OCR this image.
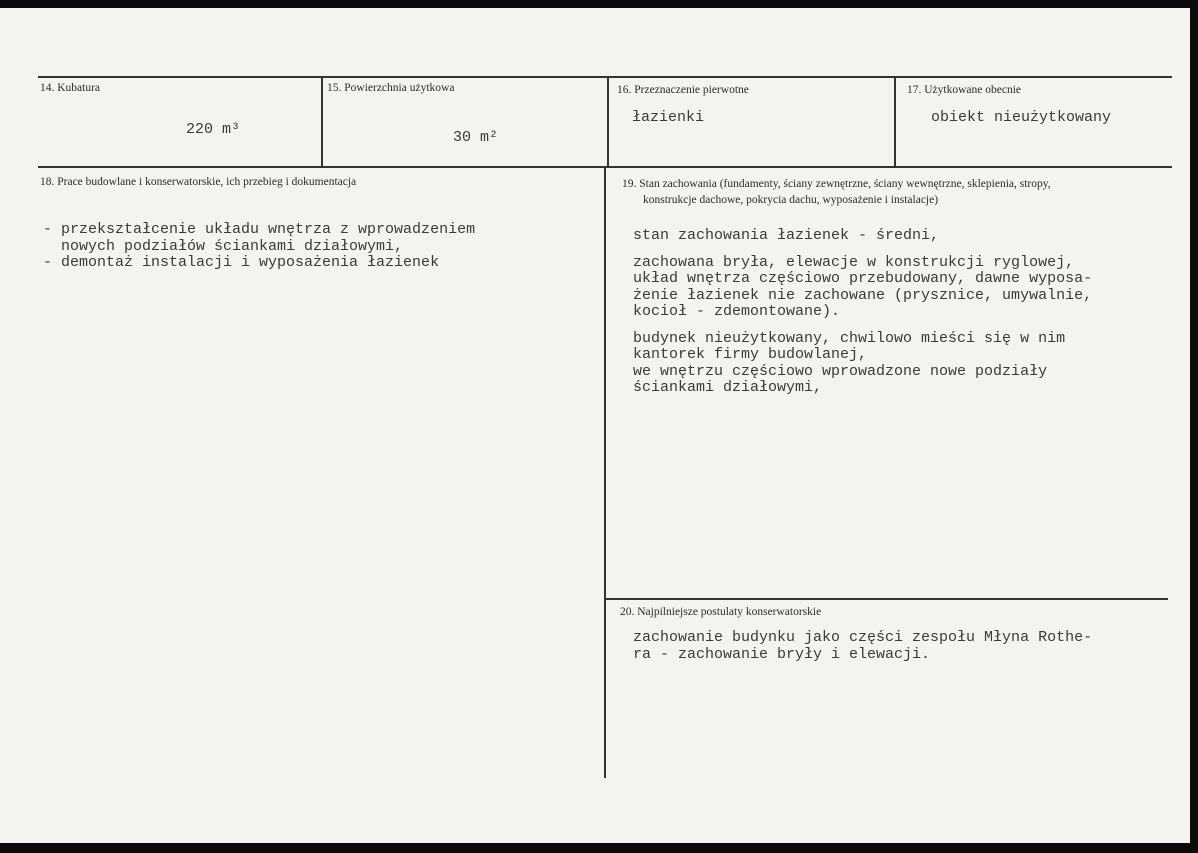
14. Kubatura
220 m³
15. Powierzchnia użytkowa
30 m²
16. Przeznaczenie pierwotne
łazienki
17. Użytkowane obecnie
obiekt nieużytkowany
18. Prace budowlane i konserwatorskie, ich przebieg i dokumentacja
- przekształcenie układu wnętrza z wprowadzeniem
nowych podziałów ściankami działowymi,
- demontaż instalacji i wyposażenia łazienek
19. Stan zachowania (fundamenty, ściany zewnętrzne, ściany wewnętrzne, sklepienia, stropy,
konstrukcje dachowe, pokrycia dachu, wyposażenie i instalacje)
stan zachowania łazienek - średni,
zachowana bryła, elewacje w konstrukcji ryglowej,
układ wnętrza częściowo przebudowany, dawne wyposa-
żenie łazienek nie zachowane (prysznice, umywalnie,
kocioł - zdemontowane).
budynek nieużytkowany, chwilowo mieści się w nim
kantorek firmy budowlanej,
we wnętrzu częściowo wprowadzone nowe podziały
ściankami działowymi,
20. Najpilniejsze postulaty konserwatorskie
zachowanie budynku jako części zespołu Młyna Rothe-
ra - zachowanie bryły i elewacji.
